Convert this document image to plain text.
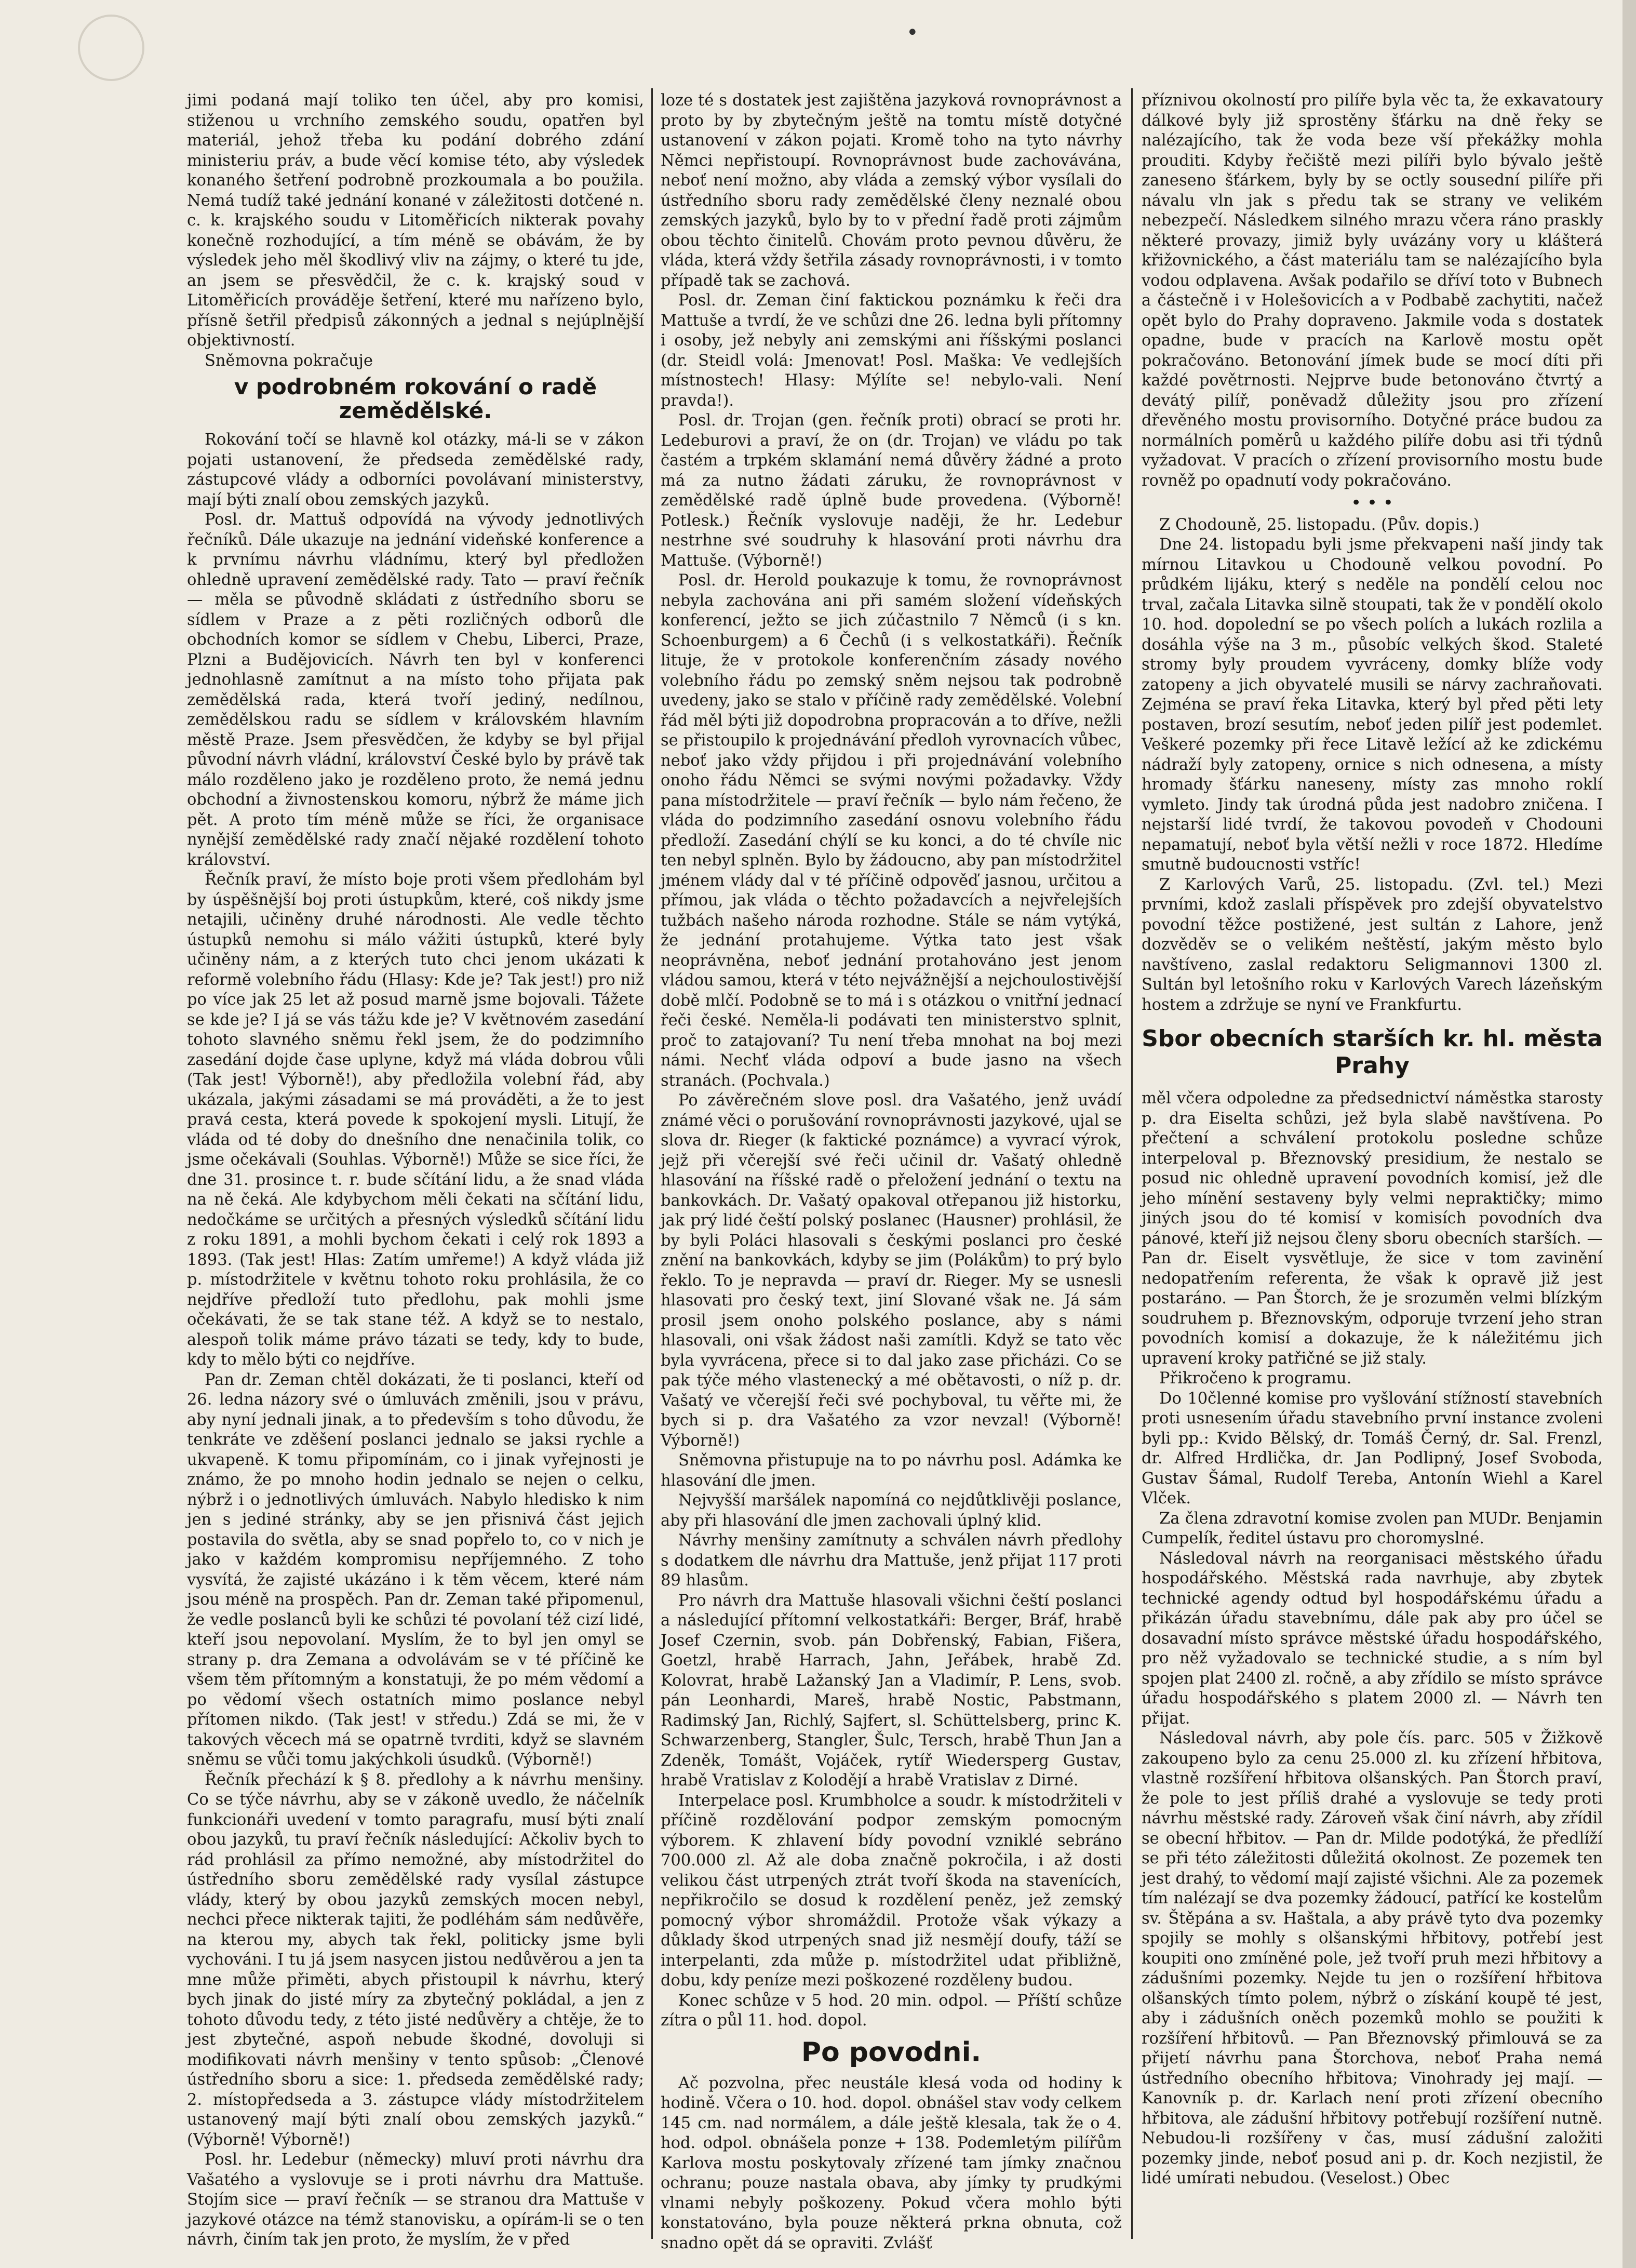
•

jimi podaná mají toliko ten účel, aby pro komisi, stiženou u vrchního zemského soudu, opatřen byl materiál, jehož třeba ku podání dobrého zdání ministeriu práv, a bude věcí komise této, aby výsledek konaného šetření podrobně prozkoumala a bo použila. Nemá tudíž také jednání konané v záležitosti dotčené n. c. k. krajského soudu v Litoměřicích nikterak povahy konečně rozhodující, a tím méně se obávám, že by výsledek jeho měl škodlivý vliv na zájmy, o které tu jde, an jsem se přesvědčil, že c. k. krajský soud v Litoměřicích prováděje šetření, které mu nařízeno bylo, přísně šetřil předpisů zákonných a jednal s nejúplnější objektivností.

Sněmovna pokračuje

v podrobném rokování o radě zemědělské.

Rokování točí se hlavně kol otázky, má-li se v zákon pojati ustanovení, že předseda zemědělské rady, zástupcové vlády a odborníci povolávaní ministerstvy, mají býti znalí obou zemských jazyků.

Posl. dr. Mattuš odpovídá na vývody jednotlivých řečníků. Dále ukazuje na jednání videňské konference a k prvnímu návrhu vládnímu, který byl předložen ohledně upravení zemědělské rady. Tato — praví řečník — měla se původně skládati z ústředního sboru se sídlem v Praze a z pěti rozličných odborů dle obchodních komor se sídlem v Chebu, Liberci, Praze, Plzni a Budějovicích. Návrh ten byl v konferenci jednohlasně zamítnut a na místo toho přijata pak zemědělská rada, která tvoří jediný, nedílnou, zemědělskou radu se sídlem v královském hlavním městě Praze. Jsem přesvědčen, že kdyby se byl přijal původní návrh vládní, království České bylo by právě tak málo rozděleno jako je rozděleno proto, že nemá jednu obchodní a živnostenskou komoru, nýbrž že máme jich pět. A proto tím méně může se říci, že organisace nynější zemědělské rady značí nějaké rozdělení tohoto království.

Řečník praví, že místo boje proti všem předlohám byl by úspěšnější boj proti ústupkům, které, coš nikdy jsme netajili, učiněny druhé národnosti. Ale vedle těchto ústupků nemohu si málo vážiti ústupků, které byly učiněny nám, a z kterých tuto chci jenom ukázati k reformě volebního řádu (Hlasy: Kde je? Tak jest!) pro niž po více jak 25 let až posud marně jsme bojovali. Tážete se kde je? I já se vás tážu kde je? V květnovém zasedání tohoto slavného sněmu řekl jsem, že do podzimního zasedání dojde čase uplyne, když má vláda dobrou vůli (Tak jest! Výborně!), aby předložila volební řád, aby ukázala, jakými zásadami se má prováděti, a že to jest pravá cesta, která povede k spokojení mysli. Litují, že vláda od té doby do dnešního dne nenačinila tolik, co jsme očekávali (Souhlas. Výborně!) Může se sice říci, že dne 31. prosince t. r. bude sčítání lidu, a že snad vláda na ně čeká. Ale kdybychom měli čekati na sčítání lidu, nedočkáme se určitých a přesných výsledků sčítání lidu z roku 1891, a mohli bychom čekati i celý rok 1893 a 1893. (Tak jest! Hlas: Zatím umřeme!) A když vláda již p. místodržitele v květnu tohoto roku prohlásila, že co nejdříve předloží tuto předlohu, pak mohli jsme očekávati, že se tak stane též. A když se to nestalo, alespoň tolik máme právo tázati se tedy, kdy to bude, kdy to mělo býti co nejdříve.

Pan dr. Zeman chtěl dokázati, že ti poslanci, kteří od 26. ledna názory své o úmluvách změnili, jsou v právu, aby nyní jednali jinak, a to především s toho důvodu, že tenkráte ve zděšení poslanci jednalo se jaksi rychle a ukvapeně. K tomu připomínám, co i jinak vyřejnosti je známo, že po mnoho hodin jednalo se nejen o celku, nýbrž i o jednotlivých úmluvách. Nabylo hledisko k nim jen s jediné stránky, aby se jen přisnivá část jejich postavila do světla, aby se snad popřelo to, co v nich je jako v každém kompromisu nepříjemného. Z toho vysvítá, že zajisté ukázáno i k těm věcem, které nám jsou méně na prospěch. Pan dr. Zeman také připomenul, že vedle poslanců byli ke schůzi té povolaní též cizí lidé, kteří jsou nepovolaní. Myslím, že to byl jen omyl se strany p. dra Zemana a odvolávám se v té příčině ke všem těm přítomným a konstatuji, že po mém vědomí a po vědomí všech ostatních mimo poslance nebyl přítomen nikdo. (Tak jest! v středu.) Zdá se mi, že v takových věcech má se opatrně tvrditi, když se slavném sněmu se vůči tomu jakýchkoli úsudků. (Výborně!)

Řečník přechází k § 8. předlohy a k návrhu menšiny. Co se týče návrhu, aby se v zákoně uvedlo, že náčelník funkcionáři uvedení v tomto paragrafu, musí býti znalí obou jazyků, tu praví řečník následující: Ačkoliv bych to rád prohlásil za přímo nemožné, aby místodržitel do ústředního sboru zemědělské rady vysílal zástupce vlády, který by obou jazyků zemských mocen nebyl, nechci přece nikterak tajiti, že podléhám sám nedůvěře, na kterou my, abych tak řekl, politicky jsme byli vychováni. I tu já jsem nasycen jistou nedůvěrou a jen ta mne může přiměti, abych přistoupil k návrhu, který bych jinak do jisté míry za zbytečný pokládal, a jen z tohoto důvodu tedy, z této jisté nedůvěry a chtěje, že to jest zbytečné, aspoň nebude škodné, dovoluji si modifikovati návrh menšiny v tento spůsob: „Členové ústředního sboru a sice: 1. předseda zemědělské rady; 2. místopředseda a 3. zástupce vlády místodržitelem ustanovený mají býti znalí obou zemských jazyků.“ (Výborně! Výborně!)

Posl. hr. Ledebur (německy) mluví proti návrhu dra Vašatého a vyslovuje se i proti návrhu dra Mattuše. Stojím sice — praví řečník — se stranou dra Mattuše v jazykové otázce na témž stanovisku, a opírám-li se o ten návrh, činím tak jen proto, že myslím, že v před

loze té s dostatek jest zajištěna jazyková rovnoprávnost a proto by by zbytečným ještě na tomtu místě dotyčné ustanovení v zákon pojati. Kromě toho na tyto návrhy Němci nepřistoupí. Rovnoprávnost bude zachovávána, neboť není možno, aby vláda a zemský výbor vysílali do ústředního sboru rady zemědělské členy neznalé obou zemských jazyků, bylo by to v přední řadě proti zájmům obou těchto činitelů. Chovám proto pevnou důvěru, že vláda, která vždy šetřila zásady rovnoprávnosti, i v tomto případě tak se zachová.

Posl. dr. Zeman činí faktickou poznámku k řeči dra Mattuše a tvrdí, že ve schůzi dne 26. ledna byli přítomny i osoby, jež nebyly ani zemskými ani říšskými poslanci (dr. Steidl volá: Jmenovat! Posl. Maška: Ve vedlejších místnostech! Hlasy: Mýlíte se! nebylo-vali. Není pravda!).

Posl. dr. Trojan (gen. řečník proti) obrací se proti hr. Ledeburovi a praví, že on (dr. Trojan) ve vládu po tak častém a trpkém sklamání nemá důvěry žádné a proto má za nutno žádati záruku, že rovnoprávnost v zemědělské radě úplně bude provedena. (Výborně! Potlesk.) Řečník vyslovuje naději, že hr. Ledebur nestrhne své soudruhy k hlasování proti návrhu dra Mattuše. (Výborně!)

Posl. dr. Herold poukazuje k tomu, že rovnoprávnost nebyla zachována ani při samém složení vídeňských konferencí, ježto se jich zúčastnilo 7 Němců (i s kn. Schoenburgem) a 6 Čechů (i s velkostatkáři). Řečník lituje, že v protokole konferenčním zásady nového volebního řádu po zemský sněm nejsou tak podrobně uvedeny, jako se stalo v příčině rady zemědělské. Volební řád měl býti již dopodrobna propracován a to dříve, nežli se přistoupilo k projednávání předloh vyrovnacích vůbec, neboť jako vždy přijdou i při projednávání volebního onoho řádu Němci se svými novými požadavky. Vždy pana místodržitele — praví řečník — bylo nám řečeno, že vláda do podzimního zasedání osnovu volebního řádu předloží. Zasedání chýlí se ku konci, a do té chvíle nic ten nebyl splněn. Bylo by žádoucno, aby pan místodržitel jménem vlády dal v té příčině odpověď jasnou, určitou a přímou, jak vláda o těchto požadavcích a nejvřelejších tužbách našeho národa rozhodne. Stále se nám vytýká, že jednání protahujeme. Výtka tato jest však neoprávněna, neboť jednání protahováno jest jenom vládou samou, která v této nejvážnější a nejchoulostivější době mlčí. Podobně se to má i s otázkou o vnitřní jednací řeči české. Neměla-li podávati ten ministerstvo splnit, proč to zatajovaní? Tu není třeba mnohat na boj mezi námi. Nechť vláda odpoví a bude jasno na všech stranách. (Pochvala.)

Po závěrečném slove posl. dra Vašatého, jenž uvádí známé věci o porušování rovnoprávnosti jazykové, ujal se slova dr. Rieger (k faktické poznámce) a vyvrací výrok, jejž při včerejší své řeči učinil dr. Vašatý ohledně hlasování na říšské radě o přeložení jednání o textu na bankovkách. Dr. Vašatý opakoval otřepanou již historku, jak prý lidé čeští polský poslanec (Hausner) prohlásil, že by byli Poláci hlasovali s českými poslanci pro české znění na bankovkách, kdyby se jim (Polákům) to prý bylo řeklo. To je nepravda — praví dr. Rieger. My se usnesli hlasovati pro český text, jiní Slované však ne. Já sám prosil jsem onoho polského poslance, aby s námi hlasovali, oni však žádost naši zamítli. Když se tato věc byla vyvrácena, přece si to dal jako zase přicházi. Co se pak týče mého vlastenecký a mé obětavosti, o níž p. dr. Vašatý ve včerejší řeči své pochyboval, tu věřte mi, že bych si p. dra Vašatého za vzor nevzal! (Výborně! Výborně!)

Sněmovna přistupuje na to po návrhu posl. Adámka ke hlasování dle jmen.

Nejvyšší maršálek napomíná co nejdůtklivěji poslance, aby při hlasování dle jmen zachovali úplný klid.

Návrhy menšiny zamítnuty a schválen návrh předlohy s dodatkem dle návrhu dra Mattuše, jenž přijat 117 proti 89 hlasům.

Pro návrh dra Mattuše hlasovali všichni čeští poslanci a následující přítomní velkostatkáři: Berger, Bráf, hrabě Josef Czernin, svob. pán Dobřenský, Fabian, Fišera, Goetzl, hrabě Harrach, Jahn, Jeřábek, hrabě Zd. Kolovrat, hrabě Lažanský Jan a Vladimír, P. Lens, svob. pán Leonhardi, Mareš, hrabě Nostic, Pabstmann, Radimský Jan, Richlý, Sajfert, sl. Schüttelsberg, princ K. Schwarzenberg, Stangler, Šulc, Tersch, hrabě Thun Jan a Zdeněk, Tomášt, Vojáček, rytíř Wiedersperg Gustav, hrabě Vratislav z Kolodějí a hrabě Vratislav z Dirné.

Interpelace posl. Krumbholce a soudr. k místodržiteli v příčině rozdělování podpor zemským pomocným výborem. K zhlavení bídy povodní vzniklé sebráno 700.000 zl. Až ale doba značně pokročila, i až dosti velikou část utrpených ztrát tvoří škoda na stavenících, nepřikročilo se dosud k rozdělení peněz, jež zemský pomocný výbor shromáždil. Protože však výkazy a důklady škod utrpených snad již nesmějí doufy, táží se interpelanti, zda může p. místodržitel udat přibližně, dobu, kdy peníze mezi poškozené rozděleny budou.

Konec schůze v 5 hod. 20 min. odpol. — Příští schůze zítra o půl 11. hod. dopol.

Po povodni.

Ač pozvolna, přec neustále klesá voda od hodiny k hodině. Včera o 10. hod. dopol. obnášel stav vody celkem 145 cm. nad normálem, a dále ještě klesala, tak že o 4. hod. odpol. obnášela ponze + 138. Podemletým pilířům Karlova mostu poskytovaly zřízené tam jímky značnou ochranu; pouze nastala obava, aby jímky ty prudkými vlnami nebyly poškozeny. Pokud včera mohlo býti konstatováno, byla pouze některá prkna obnuta, což snadno opět dá se opraviti. Zvlášť

příznivou okolností pro pilíře byla věc ta, že exkavatoury dálkové byly již sprostěny šťárku na dně řeky se nalézajícího, tak že voda beze vší překážky mohla prouditi. Kdyby řečiště mezi pilíři bylo bývalo ještě zaneseno šťárkem, byly by se octly sousední pilíře při návalu vln jak s předu tak se strany ve velikém nebezpečí. Následkem silného mrazu včera ráno praskly některé provazy, jimiž byly uvázány vory u klášterá křižovnického, a část materiálu tam se nalézajícího byla vodou odplavena. Avšak podařilo se dříví toto v Bubnech a částečně i v Holešovicích a v Podbabě zachytiti, načež opět bylo do Prahy dopraveno. Jakmile voda s dostatek opadne, bude v pracích na Karlově mostu opět pokračováno. Betonování jímek bude se mocí díti při každé povětrnosti. Nejprve bude betonováno čtvrtý a devátý pilíř, poněvadž důležity jsou pro zřízení dřevěného mostu provisorního. Dotyčné práce budou za normálních poměrů u každého pilíře dobu asi tři týdnů vyžadovat. V pracích o zřízení provisorního mostu bude rovněž po opadnutí vody pokračováno.

• • •

Z Chodouně, 25. listopadu. (Pův. dopis.)

Dne 24. listopadu byli jsme překvapeni naší jindy tak mírnou Litavkou u Chodouně velkou povodní. Po průdkém lijáku, který s neděle na pondělí celou noc trval, začala Litavka silně stoupati, tak že v pondělí okolo 10. hod. dopolední se po všech polích a lukách rozlila a dosáhla výše na 3 m., působíc velkých škod. Staleté stromy byly proudem vyvráceny, domky blíže vody zatopeny a jich obyvatelé musili se nárvy zachraňovati. Zejména se praví řeka Litavka, který byl před pěti lety postaven, brozí sesutím, neboť jeden pilíř jest podemlet. Veškeré pozemky při řece Litavě ležící až ke zdickému nádraží byly zatopeny, ornice s nich odnesena, a místy hromady šťárku naneseny, místy zas mnoho roklí vymleto. Jindy tak úrodná půda jest nadobro zničena. I nejstarší lidé tvrdí, že takovou povodeň v Chodouni nepamatují, neboť byla větší nežli v roce 1872. Hledíme smutně budoucnosti vstříc!

Z Karlových Varů, 25. listopadu. (Zvl. tel.) Mezi prvními, kdož zaslali příspěvek pro zdejší obyvatelstvo povodní těžce postižené, jest sultán z Lahore, jenž dozvěděv se o velikém neštěstí, jakým město bylo navštíveno, zaslal redaktoru Seligmannovi 1300 zl. Sultán byl letošního roku v Karlových Varech lázeňským hostem a zdržuje se nyní ve Frankfurtu.

Sbor obecních starších kr. hl. města Prahy

měl včera odpoledne za předsednictví náměstka starosty p. dra Eiselta schůzi, jež byla slabě navštívena. Po přečtení a schválení protokolu posledne schůze interpeloval p. Březnovský presidium, že nestalo se posud nic ohledně upravení povodních komisí, jež dle jeho mínění sestaveny byly velmi nepraktičky; mimo jiných jsou do té komisí v komisích povodních dva pánové, kteří již nejsou členy sboru obecních starších. — Pan dr. Eiselt vysvětluje, že sice v tom zavinění nedopatřením referenta, že však k opravě již jest postaráno. — Pan Štorch, že je srozuměn velmi blízkým soudruhem p. Březnovským, odporuje tvrzení jeho stran povodních komisí a dokazuje, že k náležitému jich upravení kroky patřičné se již staly.

Přikročeno k programu.

Do 10členné komise pro vyšlování stížností stavebních proti usnesením úřadu stavebního první instance zvoleni byli pp.: Kvido Bělský, dr. Tomáš Černý, dr. Sal. Frenzl, dr. Alfred Hrdlička, dr. Jan Podlipný, Josef Svoboda, Gustav Šámal, Rudolf Tereba, Antonín Wiehl a Karel Vlček.

Za člena zdravotní komise zvolen pan MUDr. Benjamin Cumpelík, ředitel ústavu pro choromyslné.

Následoval návrh na reorganisaci městského úřadu hospodářského. Městská rada navrhuje, aby zbytek technické agendy odtud byl hospodářskému úřadu a přikázán úřadu stavebnímu, dále pak aby pro účel se dosavadní místo správce městské úřadu hospodářského, pro něž vyžadovalo se technické studie, a s ním byl spojen plat 2400 zl. ročně, a aby zřídilo se místo správce úřadu hospodářského s platem 2000 zl. — Návrh ten přijat.

Následoval návrh, aby pole čís. parc. 505 v Žižkově zakoupeno bylo za cenu 25.000 zl. ku zřízení hřbitova, vlastně rozšíření hřbitova olšanských. Pan Štorch praví, že pole to jest příliš drahé a vyslovuje se tedy proti návrhu městské rady. Zároveň však činí návrh, aby zřídil se obecní hřbitov. — Pan dr. Milde podotýká, že předlíží se při této záležitosti důležitá okolnost. Ze pozemek ten jest drahý, to vědomí mají zajisté všichni. Ale za pozemek tím nalézají se dva pozemky žádoucí, patřící ke kostelům sv. Štěpána a sv. Haštala, a aby právě tyto dva pozemky spojily se mohly s olšanskými hřbitovy, potřebí jest koupiti ono zmíněné pole, jež tvoří pruh mezi hřbitovy a zádušními pozemky. Nejde tu jen o rozšíření hřbitova olšanských tímto polem, nýbrž o získání koupě té jest, aby i zádušních oněch pozemků mohlo se použiti k rozšíření hřbitovů. — Pan Březnovský přimlouvá se za přijetí návrhu pana Štorchova, neboť Praha nemá ústředního obecního hřbitova; Vinohrady jej mají. — Kanovník p. dr. Karlach není proti zřízení obecního hřbitova, ale zádušní hřbitovy potřebují rozšíření nutně. Nebudou-li rozšířeny v čas, musí zádušní založiti pozemky jinde, neboť posud ani p. dr. Koch nezjistil, že lidé umírati nebudou. (Veselost.) Obec
